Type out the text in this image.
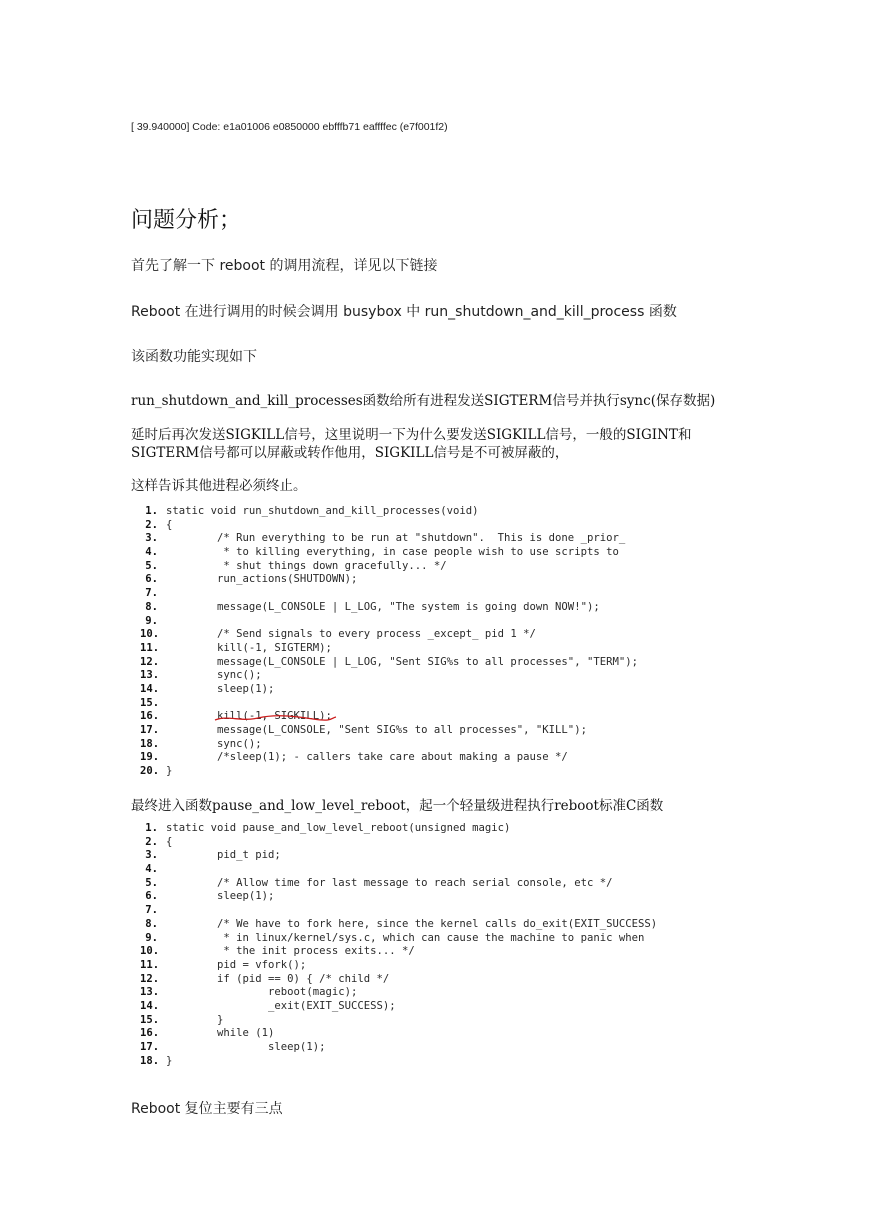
[ 39.940000] Code: e1a01006 e0850000 ebfffb71 eaffffec (e7f001f2)
问题分析；
首先了解一下 reboot 的调用流程，详见以下链接
Reboot 在进行调用的时候会调用 busybox 中 run_shutdown_and_kill_process 函数
该函数功能实现如下
run_shutdown_and_kill_processes函数给所有进程发送SIGTERM信号并执行sync(保存数据)
延时后再次发送SIGKILL信号，这里说明一下为什么要发送SIGKILL信号，一般的SIGINT和
SIGTERM信号都可以屏蔽或转作他用，SIGKILL信号是不可被屏蔽的，
这样告诉其他进程必须终止。
1. static void run_shutdown_and_kill_processes(void)
2. {
3. /* Run everything to be run at "shutdown".  This is done _prior_
4. * to killing everything, in case people wish to use scripts to
5. * shut things down gracefully... */
6. run_actions(SHUTDOWN);
7.
8. message(L_CONSOLE | L_LOG, "The system is going down NOW!");
9.
10. /* Send signals to every process _except_ pid 1 */
11. kill(-1, SIGTERM);
12. message(L_CONSOLE | L_LOG, "Sent SIG%s to all processes", "TERM");
13. sync();
14. sleep(1);
15.
16. kill(-1, SIGKILL);
17. message(L_CONSOLE, "Sent SIG%s to all processes", "KILL");
18. sync();
19. /*sleep(1); - callers take care about making a pause */
20. }
最终进入函数pause_and_low_level_reboot，起一个轻量级进程执行reboot标准C函数
1. static void pause_and_low_level_reboot(unsigned magic)
2. {
3. pid_t pid;
4.
5. /* Allow time for last message to reach serial console, etc */
6. sleep(1);
7.
8. /* We have to fork here, since the kernel calls do_exit(EXIT_SUCCESS)
9. * in linux/kernel/sys.c, which can cause the machine to panic when
10. * the init process exits... */
11. pid = vfork();
12. if (pid == 0) { /* child */
13. reboot(magic);
14. _exit(EXIT_SUCCESS);
15. }
16. while (1)
17. sleep(1);
18. }
Reboot 复位主要有三点
